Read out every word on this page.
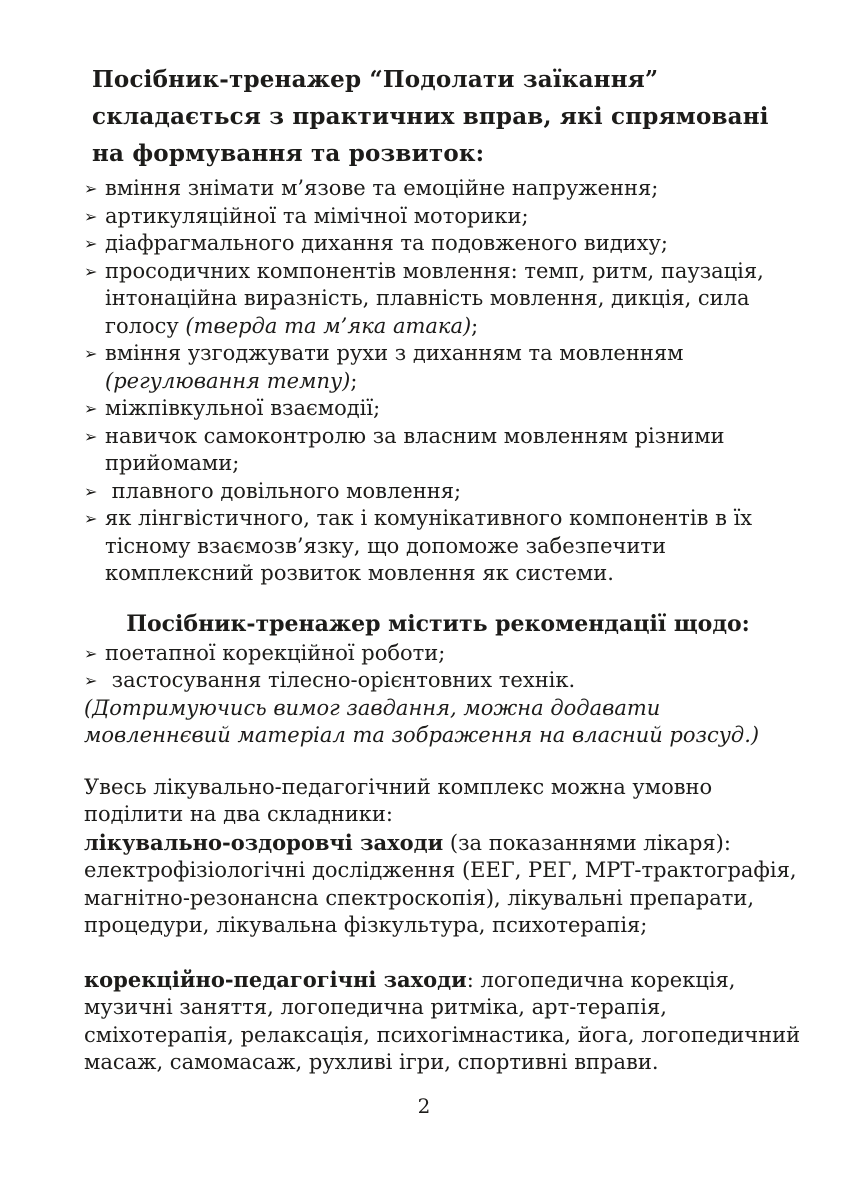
Посібник-тренажер “Подолати заїкання” складається з практичних вправ, які спрямовані на формування та розвиток:
➢ вміння знімати м’язове та емоційне напруження;
➢ артикуляційної та мімічної моторики;
➢ діафрагмального дихання та подовженого видиху;
➢ просодичних компонентів мовлення: темп, ритм, паузація, інтонаційна виразність, плавність мовлення, дикція, сила голосу (тверда та м’яка атака);
➢ вміння узгоджувати рухи з диханням та мовленням (регулювання темпу);
➢ міжпівкульної взаємодії;
➢ навичок самоконтролю за власним мовленням різними прийомами;
➢ плавного довільного мовлення;
➢ як лінгвістичного, так і комунікативного компонентів в їх тісному взаємозв’язку, що допоможе забезпечити комплексний розвиток мовлення як системи.
Посібник-тренажер містить рекомендації щодо:
➢ поетапної корекційної роботи;
➢ застосування тілесно-орієнтовних технік.

(Дотримуючись вимог завдання, можна додавати мовленнєвий матеріал та зображення на власний розсуд.)

Увесь лікувально-педагогічний комплекс можна умовно поділити на два складники:

лікувально-оздоровчі заходи (за показаннями лікаря): електрофізіологічні дослідження (ЕЕГ, РЕГ, МРТ-трактографія, магнітно-резонансна спектроскопія), лікувальні препарати, процедури, лікувальна фізкультура, психотерапія;

корекційно-педагогічні заходи: логопедична корекція, музичні заняття, логопедична ритміка, арт-терапія, сміхотерапія, релаксація, психогімнастика, йога, логопедичний масаж, самомасаж, рухливі ігри, спортивні вправи.

2
